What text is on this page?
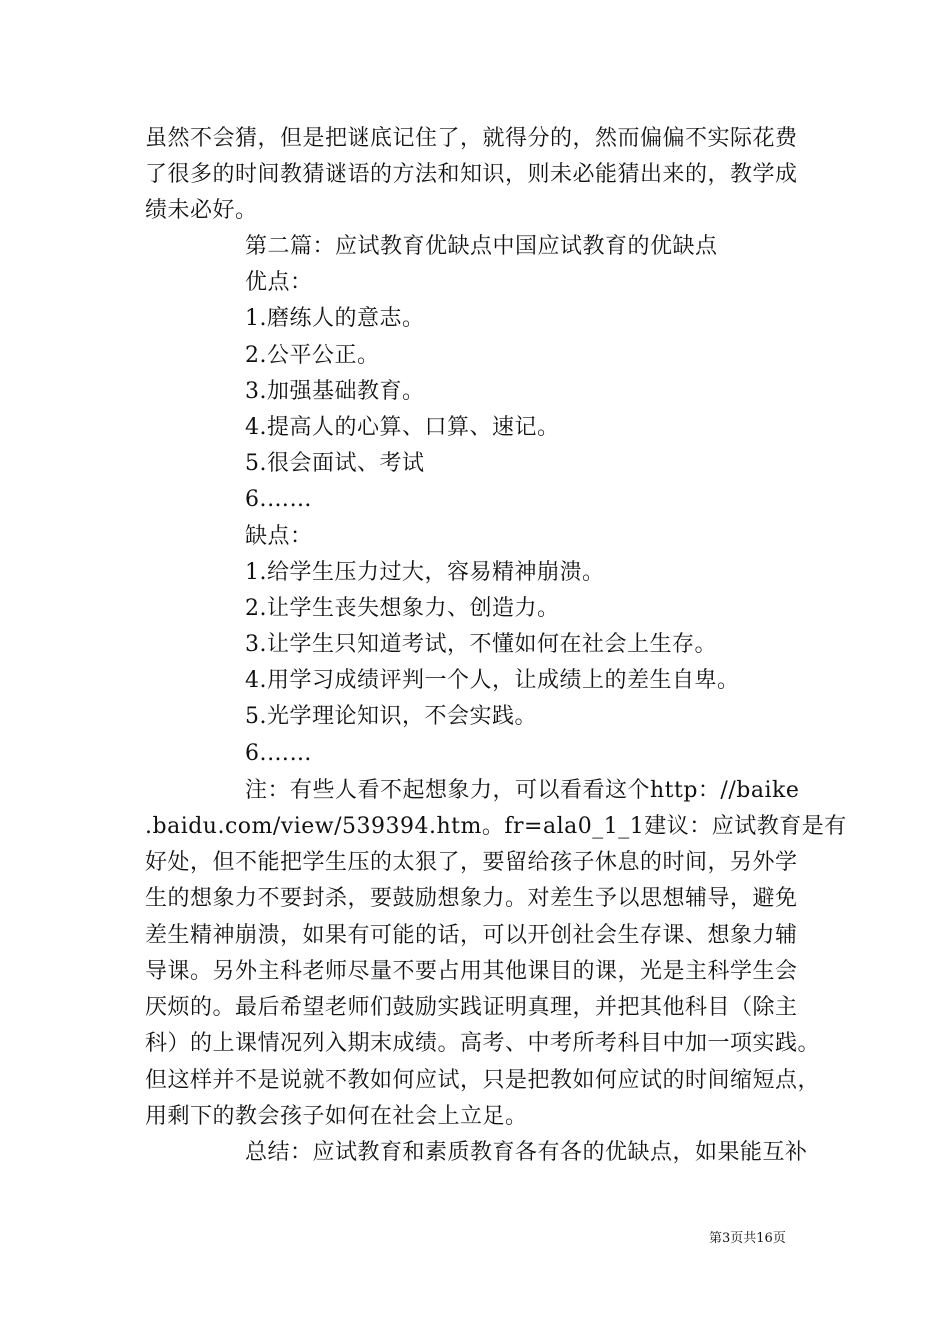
虽然不会猜，但是把谜底记住了，就得分的，然而偏偏不实际花费
了很多的时间教猜谜语的方法和知识，则未必能猜出来的，教学成
绩未必好。
第二篇：应试教育优缺点中国应试教育的优缺点
优点：
1.磨练人的意志。
2.公平公正。
3.加强基础教育。
4.提高人的心算、口算、速记。
5.很会面试、考试
6.……
缺点：
1.给学生压力过大，容易精神崩溃。
2.让学生丧失想象力、创造力。
3.让学生只知道考试，不懂如何在社会上生存。
4.用学习成绩评判一个人，让成绩上的差生自卑。
5.光学理论知识，不会实践。
6.……
注：有些人看不起想象力，可以看看这个http：//baike
.baidu.com/view/539394.htm。fr=ala0_1_1建议：应试教育是有
好处，但不能把学生压的太狠了，要留给孩子休息的时间，另外学
生的想象力不要封杀，要鼓励想象力。对差生予以思想辅导，避免
差生精神崩溃，如果有可能的话，可以开创社会生存课、想象力辅
导课。另外主科老师尽量不要占用其他课目的课，光是主科学生会
厌烦的。最后希望老师们鼓励实践证明真理，并把其他科目（除主
科）的上课情况列入期末成绩。高考、中考所考科目中加一项实践。
但这样并不是说就不教如何应试，只是把教如何应试的时间缩短点，
用剩下的教会孩子如何在社会上立足。
总结：应试教育和素质教育各有各的优缺点，如果能互补
第3页共16页
